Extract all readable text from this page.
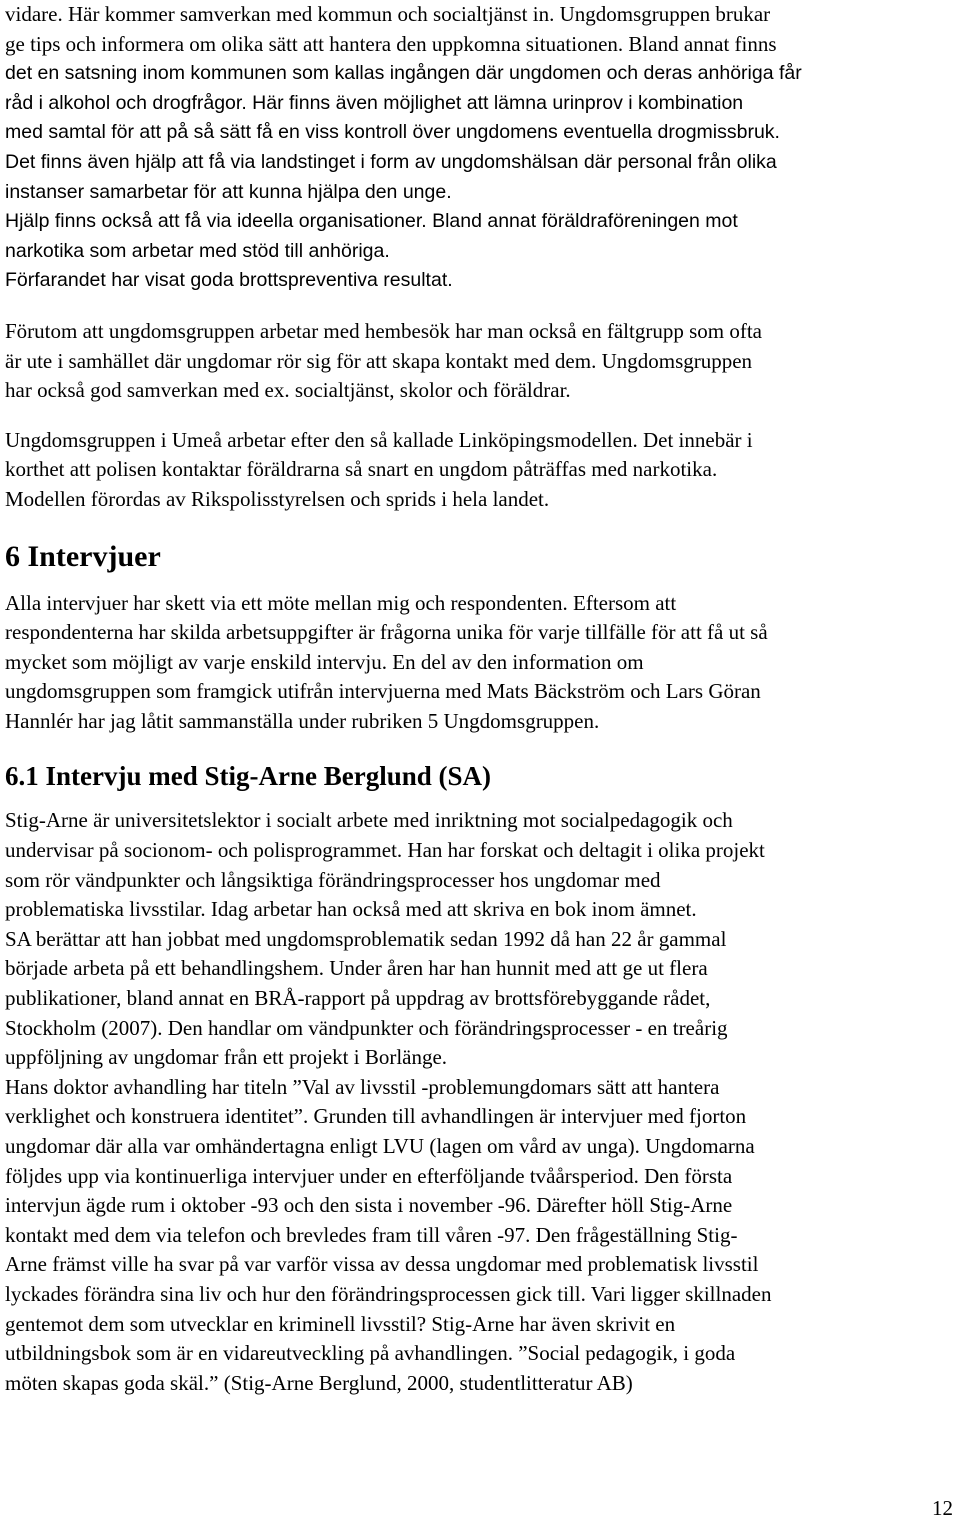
vidare. Här kommer samverkan med kommun och socialtjänst in. Ungdomsgruppen brukar
ge tips och informera om olika sätt att hantera den uppkomna situationen. Bland annat finns
det en satsning inom kommunen som kallas ingången där ungdomen och deras anhöriga får
råd i alkohol och drogfrågor. Här finns även möjlighet att lämna urinprov i kombination
med samtal för att på så sätt få en viss kontroll över ungdomens eventuella drogmissbruk.
Det finns även hjälp att få via landstinget i form av ungdomshälsan där personal från olika
instanser samarbetar för att kunna hjälpa den unge.
Hjälp finns också att få via ideella organisationer. Bland annat föräldraföreningen mot
narkotika som arbetar med stöd till anhöriga.
Förfarandet har visat goda brottspreventiva resultat.
Förutom att ungdomsgruppen arbetar med hembesök har man också en fältgrupp som ofta
är ute i samhället där ungdomar rör sig för att skapa kontakt med dem. Ungdomsgruppen
har också god samverkan med ex. socialtjänst, skolor och föräldrar.
Ungdomsgruppen i Umeå arbetar efter den så kallade Linköpingsmodellen. Det innebär i
korthet att polisen kontaktar föräldrarna så snart en ungdom påträffas med narkotika.
Modellen förordas av Rikspolisstyrelsen och sprids i hela landet.
6 Intervjuer
Alla intervjuer har skett via ett möte mellan mig och respondenten. Eftersom att
respondenterna har skilda arbetsuppgifter är frågorna unika för varje tillfälle för att få ut så
mycket som möjligt av varje enskild intervju. En del av den information om
ungdomsgruppen som framgick utifrån intervjuerna med Mats Bäckström och Lars Göran
Hannlér har jag låtit sammanställa under rubriken 5 Ungdomsgruppen.
6.1 Intervju med Stig-Arne Berglund (SA)
Stig-Arne är universitetslektor i socialt arbete med inriktning mot socialpedagogik och
undervisar på socionom- och polisprogrammet. Han har forskat och deltagit i olika projekt
som rör vändpunkter och långsiktiga förändringsprocesser hos ungdomar med
problematiska livsstilar. Idag arbetar han också med att skriva en bok inom ämnet.
SA berättar att han jobbat med ungdomsproblematik sedan 1992 då han 22 år gammal
började arbeta på ett behandlingshem. Under åren har han hunnit med att ge ut flera
publikationer, bland annat en BRÅ-rapport på uppdrag av brottsförebyggande rådet,
Stockholm (2007). Den handlar om vändpunkter och förändringsprocesser - en treårig
uppföljning av ungdomar från ett projekt i Borlänge.
Hans doktor avhandling har titeln ”Val av livsstil -problemungdomars sätt att hantera
verklighet och konstruera identitet”. Grunden till avhandlingen är intervjuer med fjorton
ungdomar där alla var omhändertagna enligt LVU (lagen om vård av unga). Ungdomarna
följdes upp via kontinuerliga intervjuer under en efterföljande tvåårsperiod. Den första
intervjun ägde rum i oktober -93 och den sista i november -96. Därefter höll Stig-Arne
kontakt med dem via telefon och brevledes fram till våren -97. Den frågeställning Stig-
Arne främst ville ha svar på var varför vissa av dessa ungdomar med problematisk livsstil
lyckades förändra sina liv och hur den förändringsprocessen gick till. Vari ligger skillnaden
gentemot dem som utvecklar en kriminell livsstil? Stig-Arne har även skrivit en
utbildningsbok som är en vidareutveckling på avhandlingen. ”Social pedagogik, i goda
möten skapas goda skäl.” (Stig-Arne Berglund, 2000, studentlitteratur AB)
12
